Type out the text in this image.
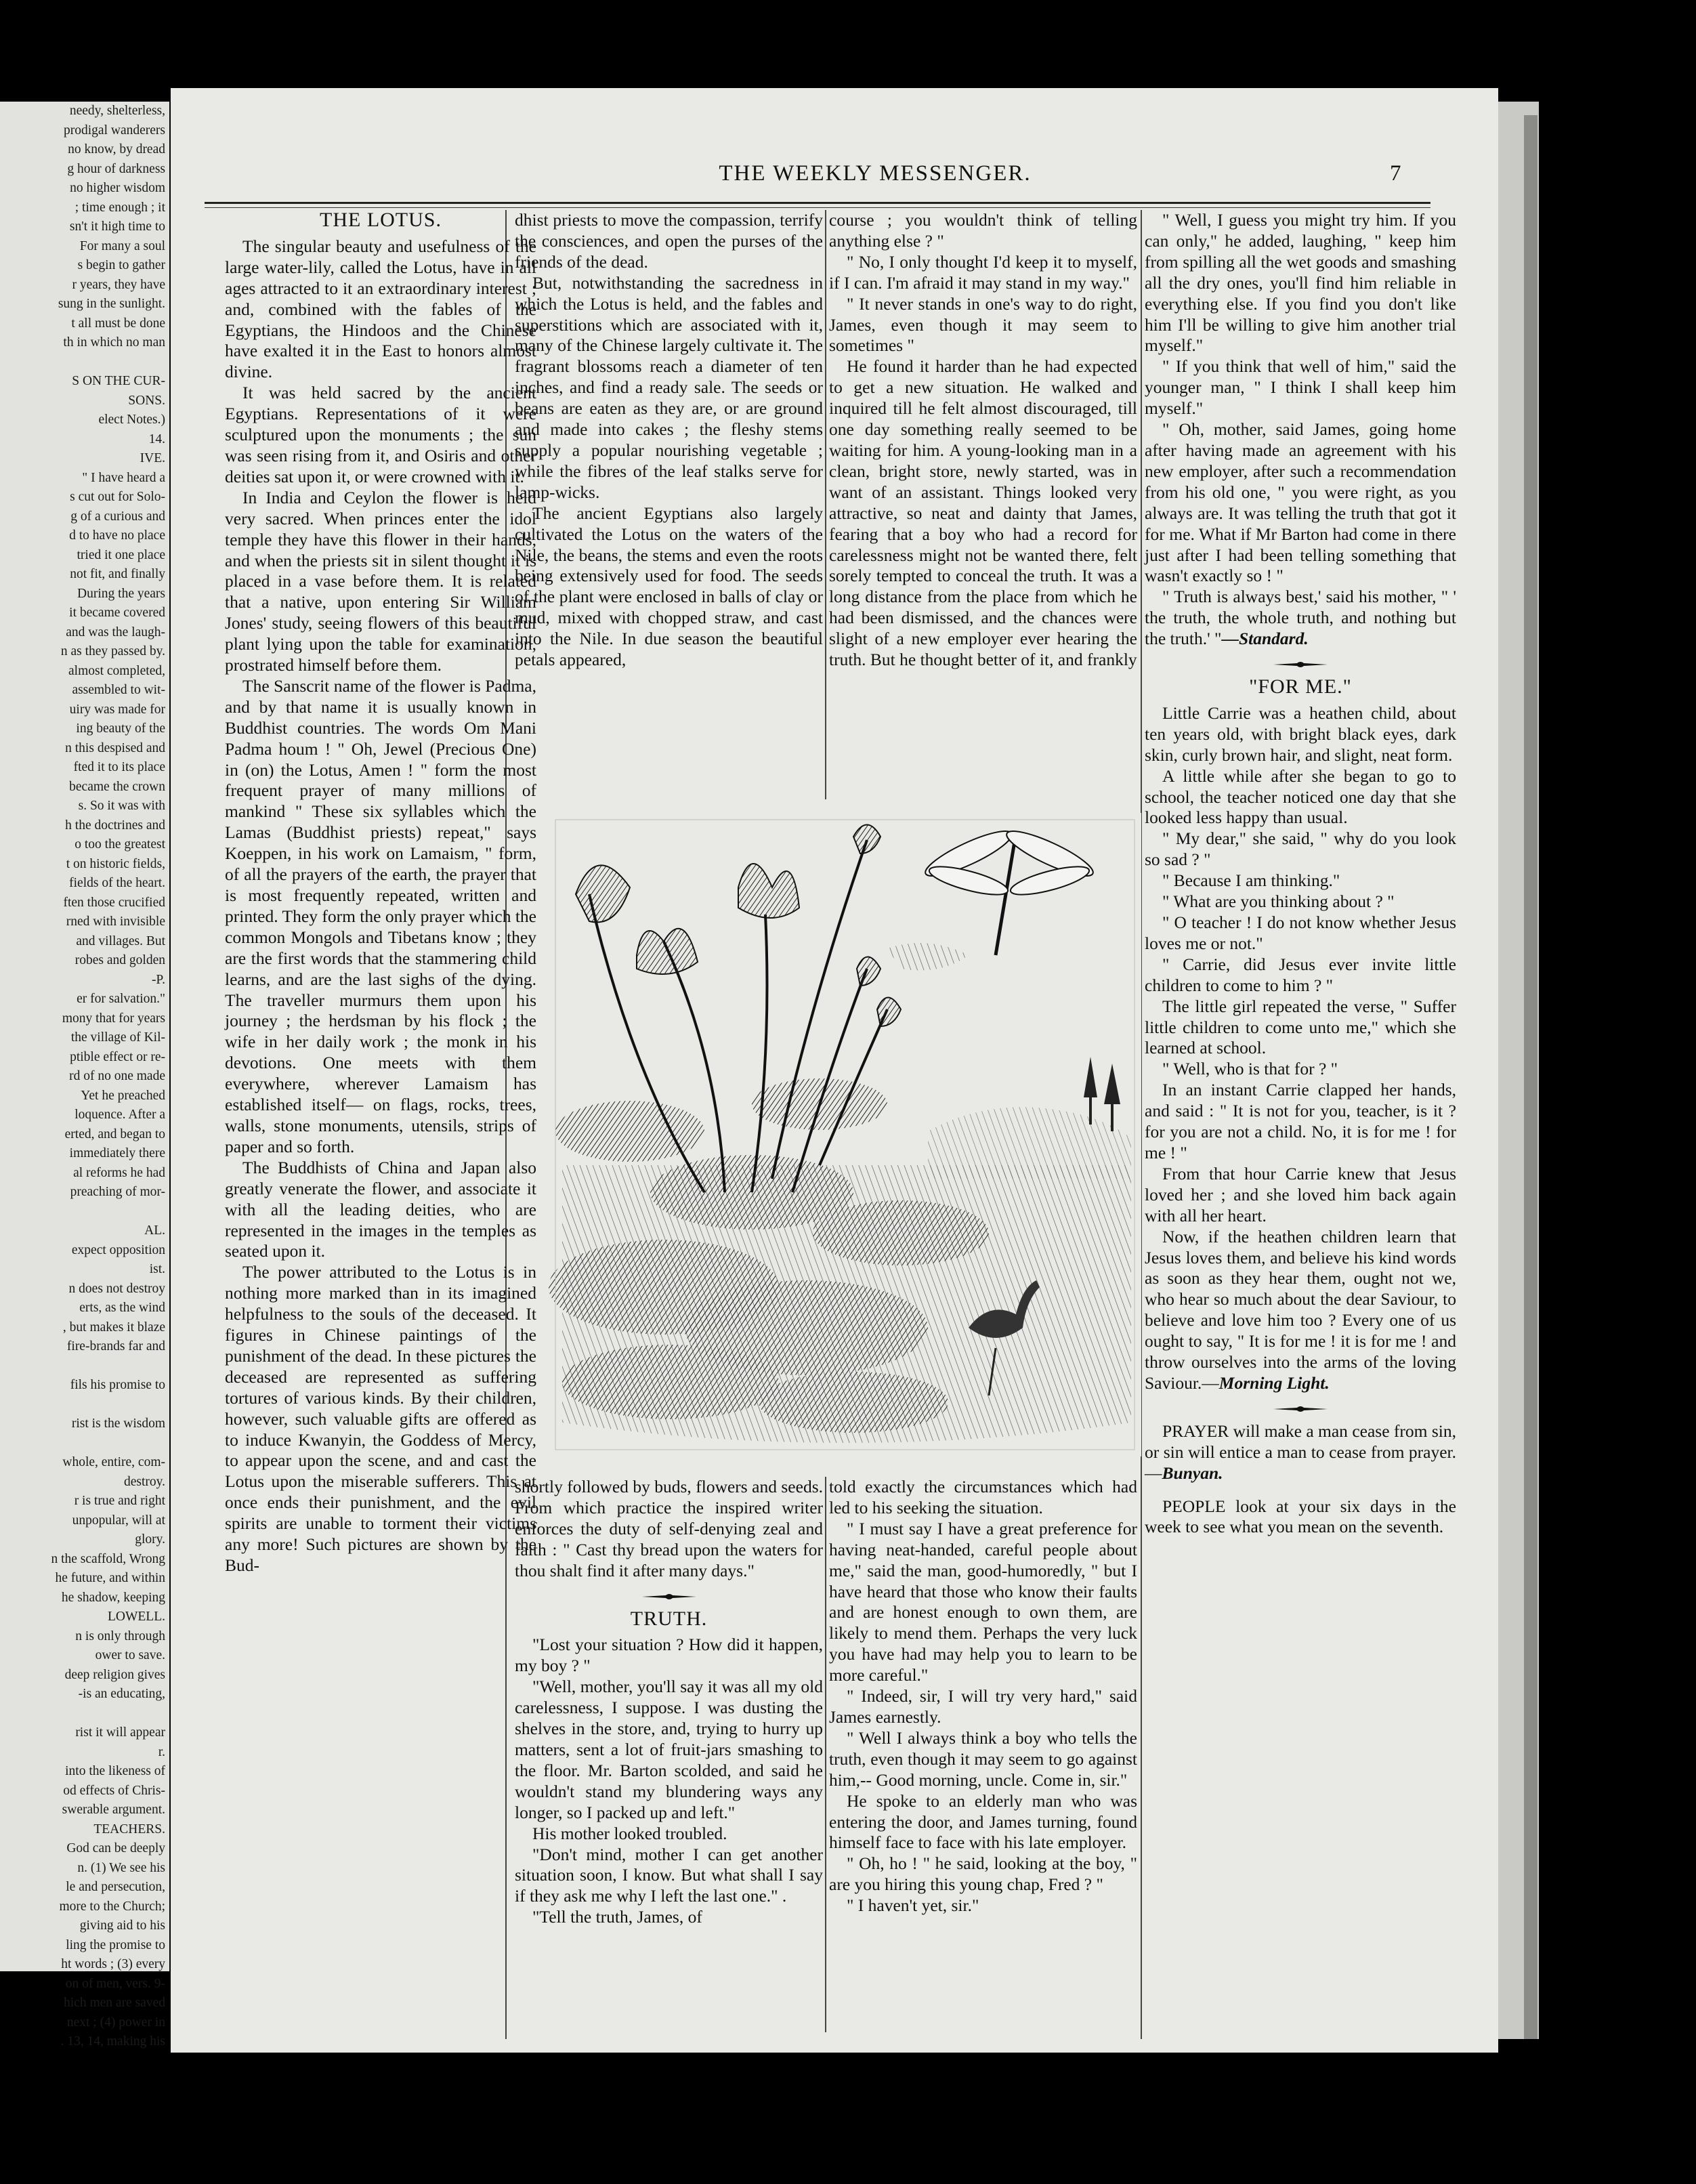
needy, shelterless,

prodigal wanderers

no know, by dread

g hour of darkness

no higher wisdom

; time enough ; it

sn't it high time to

For many a soul

s begin to gather

r years, they have

sung in the sunlight.

t all must be done

th in which no man

S ON THE CUR-

SONS.

elect Notes.)

14.

IVE.

" I have heard a

s cut out for Solo-

g of a curious and

d to have no place

tried it one place

not fit, and finally

During the years

it became covered

and was the laugh-

n as they passed by.

almost completed,

assembled to wit-

uiry was made for

ing beauty of the

n this despised and

fted it to its place

became the crown

s. So it was with

h the doctrines and

o too the greatest

t on historic fields,

fields of the heart.

ften those crucified

rned with invisible

and villages. But

robes and golden

-P.

er for salvation."

mony that for years

the village of Kil-

ptible effect or re-

rd of no one made

Yet he preached

loquence. After a

erted, and began to

immediately there

al reforms he had

preaching of mor-

AL.

expect opposition

ist.

n does not destroy

erts, as the wind

, but makes it blaze

fire-brands far and

fils his promise to

rist is the wisdom

whole, entire, com-

destroy.

r is true and right

unpopular, will at

glory.

n the scaffold, Wrong

he future, and within

he shadow, keeping

LOWELL.

n is only through

ower to save.

deep religion gives

-is an educating,

rist it will appear

r.

into the likeness of

od effects of Chris-

swerable argument.

TEACHERS.

God can be deeply

n. (1) We see his

le and persecution,

more to the Church;

giving aid to his

ling the promise to

ht words ; (3) every

on of men, vers. 9-

hich men are saved

next ; (4) power in

. 13, 14, making his

THE WEEKLY MESSENGER.	7
THE LOTUS.

The singular beauty and usefulness of the large water-lily, called the Lotus, have in all ages attracted to it an extraordinary interest ; and, combined with the fables of the Egyptians, the Hindoos and the Chinese have exalted it in the East to honors almost divine.

It was held sacred by the ancient Egyptians. Representations of it were sculptured upon the monuments ; the sun was seen rising from it, and Osiris and other deities sat upon it, or were crowned with it.

In India and Ceylon the flower is held very sacred. When princes enter the idol temple they have this flower in their hands, and when the priests sit in silent thought it is placed in a vase before them. It is related that a native, upon entering Sir William Jones' study, seeing flowers of this beautiful plant lying upon the table for examination, prostrated himself before them.

The Sanscrit name of the flower is Padma, and by that name it is usually known in Buddhist countries. The words Om Mani Padma houm ! " Oh, Jewel (Precious One) in (on) the Lotus, Amen ! " form the most frequent prayer of many millions of mankind " These six syllables which the Lamas (Buddhist priests) repeat," says Koeppen, in his work on Lamaism, " form, of all the prayers of the earth, the prayer that is most frequently repeated, written and printed. They form the only prayer which the common Mongols and Tibetans know ; they are the first words that the stammering child learns, and are the last sighs of the dying. The traveller murmurs them upon his journey ; the herdsman by his flock ; the wife in her daily work ; the monk in his devotions. One meets with them everywhere, wherever Lamaism has established itself— on flags, rocks, trees, walls, stone monuments, utensils, strips of paper and so forth.

The Buddhists of China and Japan also greatly venerate the flower, and associate it with all the leading deities, who are represented in the images in the temples as seated upon it.

The power attributed to the Lotus is in nothing more marked than in its imagined helpfulness to the souls of the deceased. It figures in Chinese paintings of the punishment of the dead. In these pictures the deceased are represented as suffering tortures of various kinds. By their children, however, such valuable gifts are offered as to induce Kwanyin, the Goddess of Mercy, to appear upon the scene, and and cast the Lotus upon the miserable sufferers. This at once ends their punishment, and the evil spirits are unable to torment their victims any more! Such pictures are shown by the Bud-

dhist priests to move the compassion, terrify the consciences, and open the purses of the friends of the dead.

But, notwithstanding the sacredness in which the Lotus is held, and the fables and superstitions which are associated with it, many of the Chinese largely cultivate it. The fragrant blossoms reach a diameter of ten inches, and find a ready sale. The seeds or beans are eaten as they are, or are ground and made into cakes ; the fleshy stems supply a popular nourishing vegetable ; while the fibres of the leaf stalks serve for lamp-wicks.

The ancient Egyptians also largely cultivated the Lotus on the waters of the Nile, the beans, the stems and even the roots being extensively used for food. The seeds of the plant were enclosed in balls of clay or mud, mixed with chopped straw, and cast into the Nile. In due season the beautiful petals appeared,

course ; you wouldn't think of telling anything else ? "

" No, I only thought I'd keep it to myself, if I can. I'm afraid it may stand in my way."

" It never stands in one's way to do right, James, even though it may seem to sometimes "

He found it harder than he had expected to get a new situation. He walked and inquired till he felt almost discouraged, till one day something really seemed to be waiting for him. A young-looking man in a clean, bright store, newly started, was in want of an assistant. Things looked very attractive, so neat and dainty that James, fearing that a boy who had a record for carelessness might not be wanted there, felt sorely tempted to conceal the truth. It was a long distance from the place from which he had been dismissed, and the chances were slight of a new employer ever hearing the truth. But he thought better of it, and frankly

shortly followed by buds, flowers and seeds. From which practice the inspired writer enforces the duty of self-denying zeal and faith : " Cast thy bread upon the waters for thou shalt find it after many days."

TRUTH.

"Lost your situation ? How did it happen, my boy ? "

"Well, mother, you'll say it was all my old carelessness, I suppose. I was dusting the shelves in the store, and, trying to hurry up matters, sent a lot of fruit-jars smashing to the floor. Mr. Barton scolded, and said he wouldn't stand my blundering ways any longer, so I packed up and left."

His mother looked troubled.

"Don't mind, mother I can get another situation soon, I know. But what shall I say if they ask me why I left the last one." .

"Tell the truth, James, of

told exactly the circumstances which had led to his seeking the situation.

" I must say I have a great preference for having neat-handed, careful people about me," said the man, good-humoredly, " but I have heard that those who know their faults and are honest enough to own them, are likely to mend them. Perhaps the very luck you have had may help you to learn to be more careful."

" Indeed, sir, I will try very hard," said James earnestly.

" Well I always think a boy who tells the truth, even though it may seem to go against him,-- Good morning, uncle. Come in, sir."

He spoke to an elderly man who was entering the door, and James turning, found himself face to face with his late employer.

" Oh, ho ! " he said, looking at the boy, " are you hiring this young chap, Fred ? "

" I haven't yet, sir."

" Well, I guess you might try him. If you can only," he added, laughing, " keep him from spilling all the wet goods and smashing all the dry ones, you'll find him reliable in everything else. If you find you don't like him I'll be willing to give him another trial myself."

" If you think that well of him," said the younger man, " I think I shall keep him myself."

" Oh, mother, said James, going home after having made an agreement with his new employer, after such a recommendation from his old one, " you were right, as you always are. It was telling the truth that got it for me. What if Mr Barton had come in there just after I had been telling something that wasn't exactly so ! "

" Truth is always best,' said his mother, " ' the truth, the whole truth, and nothing but the truth.' "—Standard.

"FOR ME."

Little Carrie was a heathen child, about ten years old, with bright black eyes, dark skin, curly brown hair, and slight, neat form.

A little while after she began to go to school, the teacher noticed one day that she looked less happy than usual.

" My dear," she said, " why do you look so sad ? "

" Because I am thinking."

" What are you thinking about ? "

" O teacher ! I do not know whether Jesus loves me or not."

" Carrie, did Jesus ever invite little children to come to him ? "

The little girl repeated the verse, " Suffer little children to come unto me," which she learned at school.

" Well, who is that for ? "

In an instant Carrie clapped her hands, and said : " It is not for you, teacher, is it ? for you are not a child. No, it is for me ! for me ! "

From that hour Carrie knew that Jesus loved her ; and she loved him back again with all her heart.

Now, if the heathen children learn that Jesus loves them, and believe his kind words as soon as they hear them, ought not we, who hear so much about the dear Saviour, to believe and love him too ? Every one of us ought to say, " It is for me ! it is for me ! and throw ourselves into the arms of the loving Saviour.—Morning Light.

PRAYER will make a man cease from sin, or sin will entice a man to cease from prayer.—Bunyan.

PEOPLE look at your six days in the week to see what you mean on the seventh.
